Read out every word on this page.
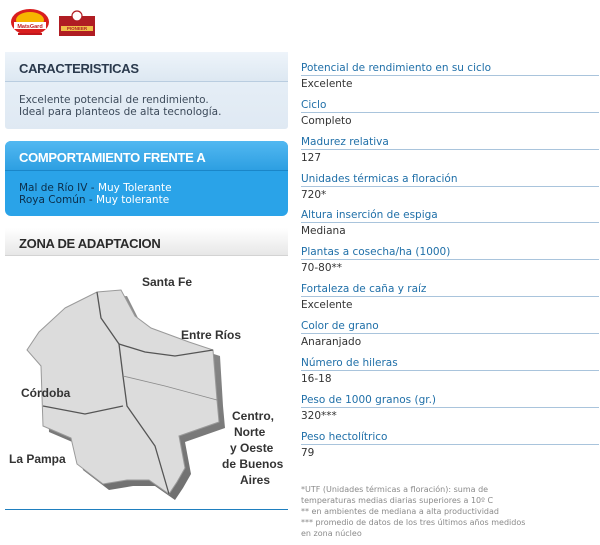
MatsGard	PIONEER
CARACTERISTICAS
Excelente potencial de rendimiento.
Ideal para planteos de alta tecnología.
COMPORTAMIENTO FRENTE A
Mal de Río IV - Muy Tolerante
Roya Común - Muy tolerante
ZONA DE ADAPTACION
Santa Fe
Entre Ríos
Córdoba
La Pampa
Centro,
Norte
y Oeste
de Buenos
Aires
Potencial de rendimiento en su ciclo
Excelente
Ciclo
Completo
Madurez relativa
127
Unidades térmicas a floración
720*
Altura inserción de espiga
Mediana
Plantas a cosecha/ha (1000)
70-80**
Fortaleza de caña y raíz
Excelente
Color de grano
Anaranjado
Número de hileras
16-18
Peso de 1000 granos (gr.)
320***
Peso hectolítrico
79
*UTF (Unidades térmicas a floración): suma de
temperaturas medias diarias superiores a 10º C
** en ambientes de mediana a alta productividad
*** promedio de datos de los tres últimos años medidos
en zona núcleo
